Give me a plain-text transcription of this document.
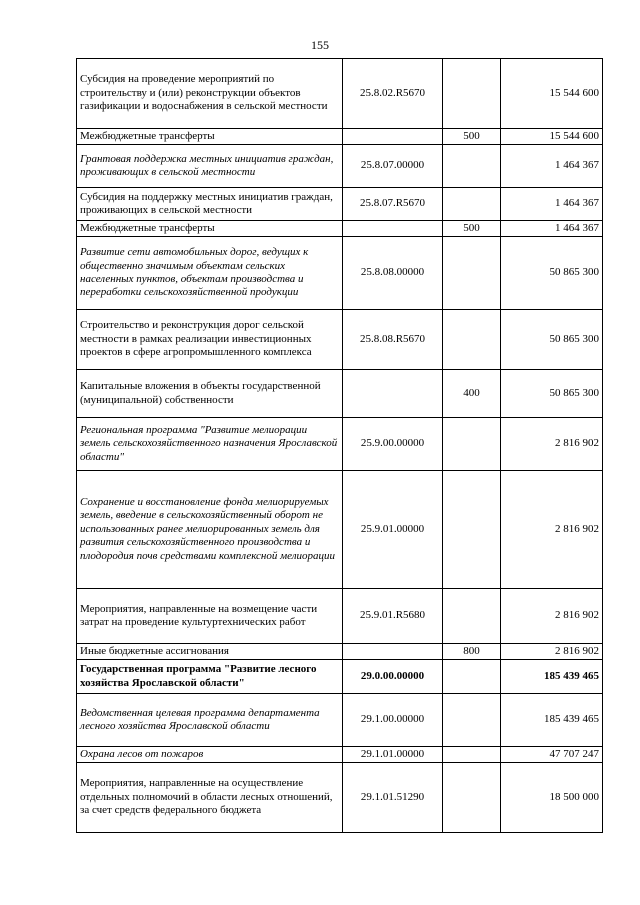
155
Субсидия на проведение мероприятий по строительству и (или) реконструкции объектов газификации и водоснабжения в сельской местности	25.8.02.R5670		15 544 600
Межбюджетные трансферты		500	15 544 600
Грантовая поддержка местных инициатив граждан, проживающих в сельской местности	25.8.07.00000		1 464 367
Субсидия на поддержку местных инициатив граждан, проживающих в сельской местности	25.8.07.R5670		1 464 367
Межбюджетные трансферты		500	1 464 367
Развитие сети автомобильных дорог, ведущих к общественно значимым объектам сельских населенных пунктов, объектам производства и переработки сельскохозяйственной продукции	25.8.08.00000		50 865 300
Строительство и реконструкция дорог сельской местности в рамках реализации инвестиционных проектов в сфере агропромышленного комплекса	25.8.08.R5670		50 865 300
Капитальные вложения в объекты государственной (муниципальной) собственности		400	50 865 300
Региональная программа "Развитие мелиорации земель сельскохозяйственного назначения Ярославской области"	25.9.00.00000		2 816 902
Сохранение и восстановление фонда мелиорируемых земель, введение в сельскохозяйственный оборот не использованных ранее мелиорированных земель для развития сельскохозяйственного производства и плодородия почв средствами комплексной мелиорации	25.9.01.00000		2 816 902
Мероприятия, направленные на возмещение части затрат на проведение культуртехнических работ	25.9.01.R5680		2 816 902
Иные бюджетные ассигнования		800	2 816 902
Государственная программа "Развитие лесного хозяйства Ярославской области"	29.0.00.00000		185 439 465
Ведомственная целевая программа департамента лесного хозяйства Ярославской области	29.1.00.00000		185 439 465
Охрана лесов от пожаров	29.1.01.00000		47 707 247
Мероприятия, направленные на осуществление отдельных полномочий в области лесных отношений, за счет средств федерального бюджета	29.1.01.51290		18 500 000
